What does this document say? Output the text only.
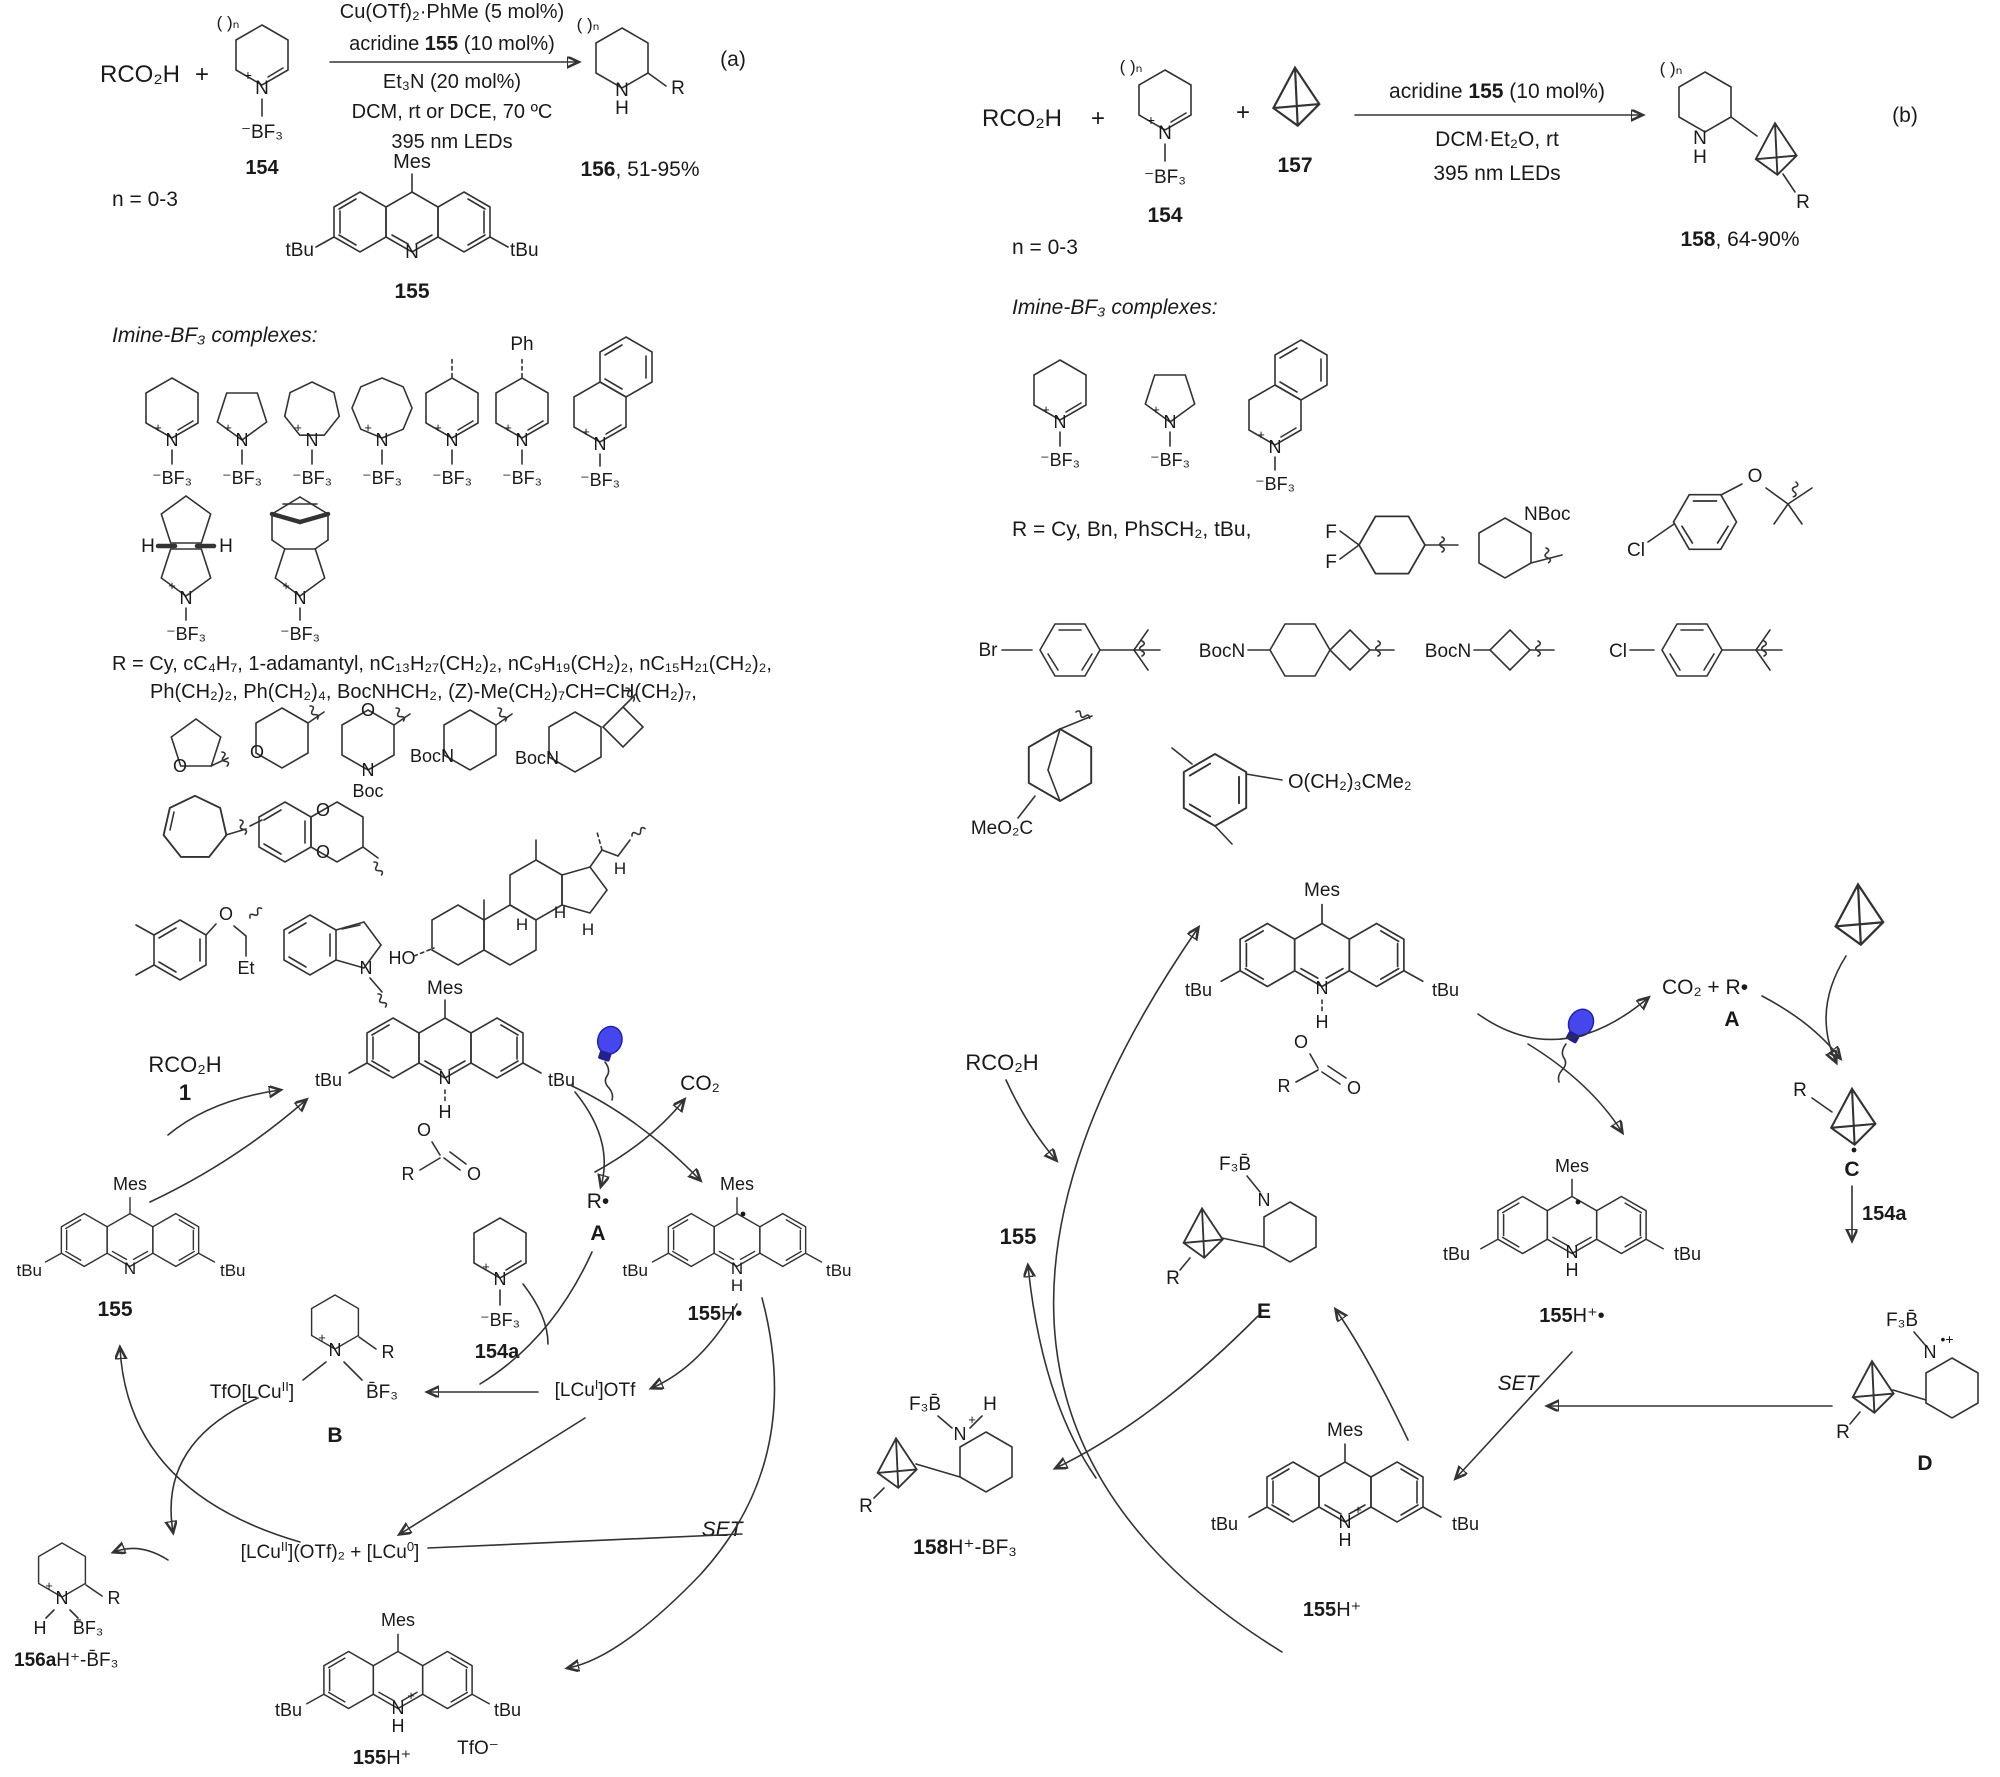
RCO₂H +
( )ₙ
N
+
⁻BF₃
154
n = 0-3
Cu(OTf)₂·PhMe (5 mol%)
acridine 155 (10 mol%)
Et₃N (20 mol%)
DCM, rt or DCE, 70 ºC
395 nm LEDs
( )ₙ
N
H
R
156, 51-95%
(a)
Mes
tBu	tBu
N
155
Imine-BF₃ complexes:
N
+
⁻BF₃
N
+
⁻BF₃
N
+
⁻BF₃
N
+
⁻BF₃
N
+
⁻BF₃
Ph
N
+
⁻BF₃
N
+
⁻BF₃
H	H
N
+
⁻BF₃
N
+
⁻BF₃
R = Cy, cC₄H₇, 1-adamantyl, nC₁₃H₂₇(CH₂)₂, nC₉H₁₉(CH₂)₂, nC₁₅H₂₁(CH₂)₂,
Ph(CH₂)₂, Ph(CH₂)₄, BocNHCH₂, (Z)-Me(CH₂)₇CH=CH(CH₂)₇,
O
O
O
N
Boc
BocN	BocN
O
O
H
H
H
H
HO
O
Et	N
RCO₂H
1
Mes
tBu	tBu
N
H
O
R	O
CO₂
R•
A
N
+
⁻BF₃
154a
Mes
tBu	tBu
N
H
155H•
Mes
tBu	tBu
N
155
N
+
R
TfO[LCu$^{II}$]	B̄F₃
B
[LCu$^I$]OTf
SET
[LCu$^{II}$](OTf)₂ + [LCu$^0$]
N
+
R
H B̄F₃
156aH⁺-B̄F₃
Mes
tBu	tBu
N
+
H
155H⁺ TfO⁻
RCO₂H +
( )ₙ
N
+
⁻BF₃
154
+
157
acridine 155 (10 mol%)
DCM·Et₂O, rt
395 nm LEDs
( )ₙ
N
H
R
158, 64-90%
(b)
n = 0-3
Imine-BF₃ complexes:
N
+
⁻BF₃
N
+
⁻BF₃
N
+
⁻BF₃
R = Cy, Bn, PhSCH₂, tBu,	F
F
NBoc
Cl
O
Br	BocN	BocN	Cl
MeO₂C
O(CH₂)₃CMe₂
RCO₂H
155
Mes
tBu	tBu
N
H
O
R	O
CO₂ + R•
A
R
C
154a
F₃B̄
•+
N
R
D
SET
Mes
tBu	tBu
N
H
155H⁺•
F₃B̄
N
R
E
F₃B̄ H
+
N
R
158H⁺-BF₃
Mes
tBu	tBu
N
+
H
155H⁺
